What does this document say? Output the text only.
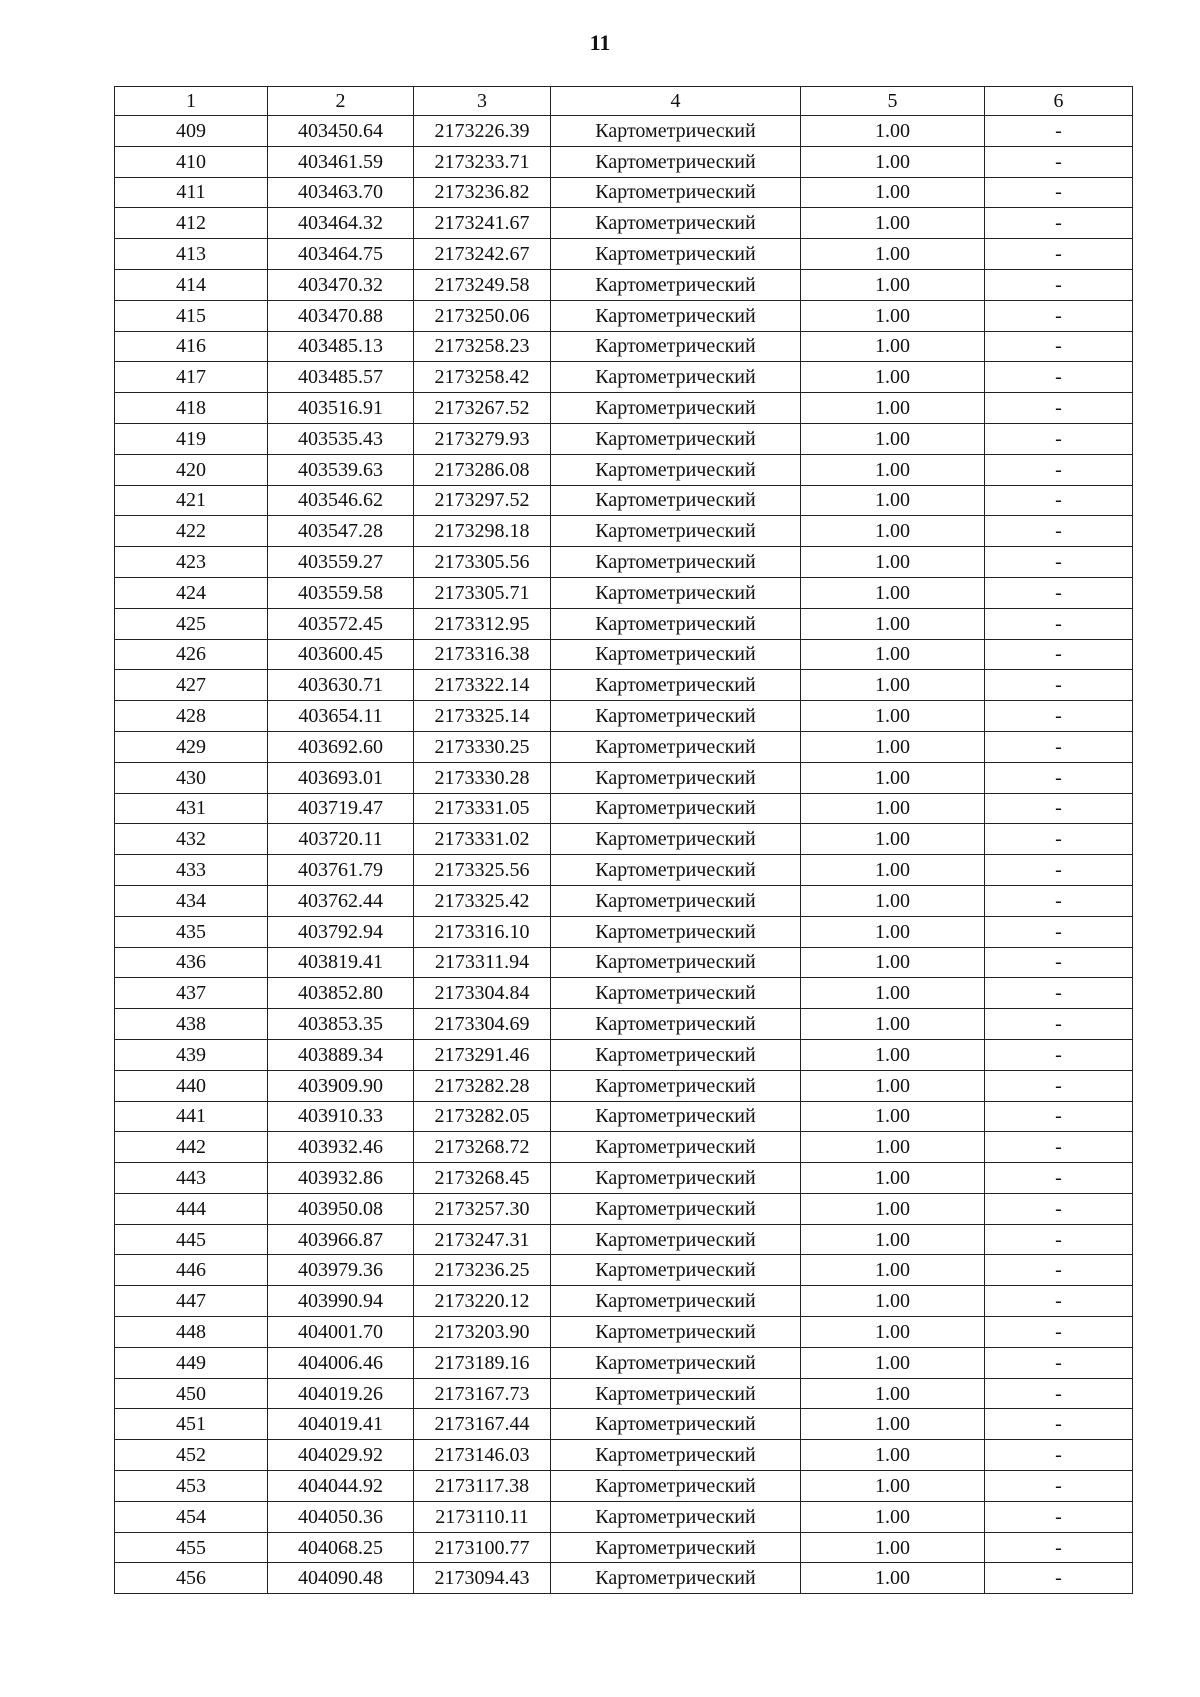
11
1	2	3	4	5	6
409	403450.64	2173226.39	Картометрический	1.00	-
410	403461.59	2173233.71	Картометрический	1.00	-
411	403463.70	2173236.82	Картометрический	1.00	-
412	403464.32	2173241.67	Картометрический	1.00	-
413	403464.75	2173242.67	Картометрический	1.00	-
414	403470.32	2173249.58	Картометрический	1.00	-
415	403470.88	2173250.06	Картометрический	1.00	-
416	403485.13	2173258.23	Картометрический	1.00	-
417	403485.57	2173258.42	Картометрический	1.00	-
418	403516.91	2173267.52	Картометрический	1.00	-
419	403535.43	2173279.93	Картометрический	1.00	-
420	403539.63	2173286.08	Картометрический	1.00	-
421	403546.62	2173297.52	Картометрический	1.00	-
422	403547.28	2173298.18	Картометрический	1.00	-
423	403559.27	2173305.56	Картометрический	1.00	-
424	403559.58	2173305.71	Картометрический	1.00	-
425	403572.45	2173312.95	Картометрический	1.00	-
426	403600.45	2173316.38	Картометрический	1.00	-
427	403630.71	2173322.14	Картометрический	1.00	-
428	403654.11	2173325.14	Картометрический	1.00	-
429	403692.60	2173330.25	Картометрический	1.00	-
430	403693.01	2173330.28	Картометрический	1.00	-
431	403719.47	2173331.05	Картометрический	1.00	-
432	403720.11	2173331.02	Картометрический	1.00	-
433	403761.79	2173325.56	Картометрический	1.00	-
434	403762.44	2173325.42	Картометрический	1.00	-
435	403792.94	2173316.10	Картометрический	1.00	-
436	403819.41	2173311.94	Картометрический	1.00	-
437	403852.80	2173304.84	Картометрический	1.00	-
438	403853.35	2173304.69	Картометрический	1.00	-
439	403889.34	2173291.46	Картометрический	1.00	-
440	403909.90	2173282.28	Картометрический	1.00	-
441	403910.33	2173282.05	Картометрический	1.00	-
442	403932.46	2173268.72	Картометрический	1.00	-
443	403932.86	2173268.45	Картометрический	1.00	-
444	403950.08	2173257.30	Картометрический	1.00	-
445	403966.87	2173247.31	Картометрический	1.00	-
446	403979.36	2173236.25	Картометрический	1.00	-
447	403990.94	2173220.12	Картометрический	1.00	-
448	404001.70	2173203.90	Картометрический	1.00	-
449	404006.46	2173189.16	Картометрический	1.00	-
450	404019.26	2173167.73	Картометрический	1.00	-
451	404019.41	2173167.44	Картометрический	1.00	-
452	404029.92	2173146.03	Картометрический	1.00	-
453	404044.92	2173117.38	Картометрический	1.00	-
454	404050.36	2173110.11	Картометрический	1.00	-
455	404068.25	2173100.77	Картометрический	1.00	-
456	404090.48	2173094.43	Картометрический	1.00	-
